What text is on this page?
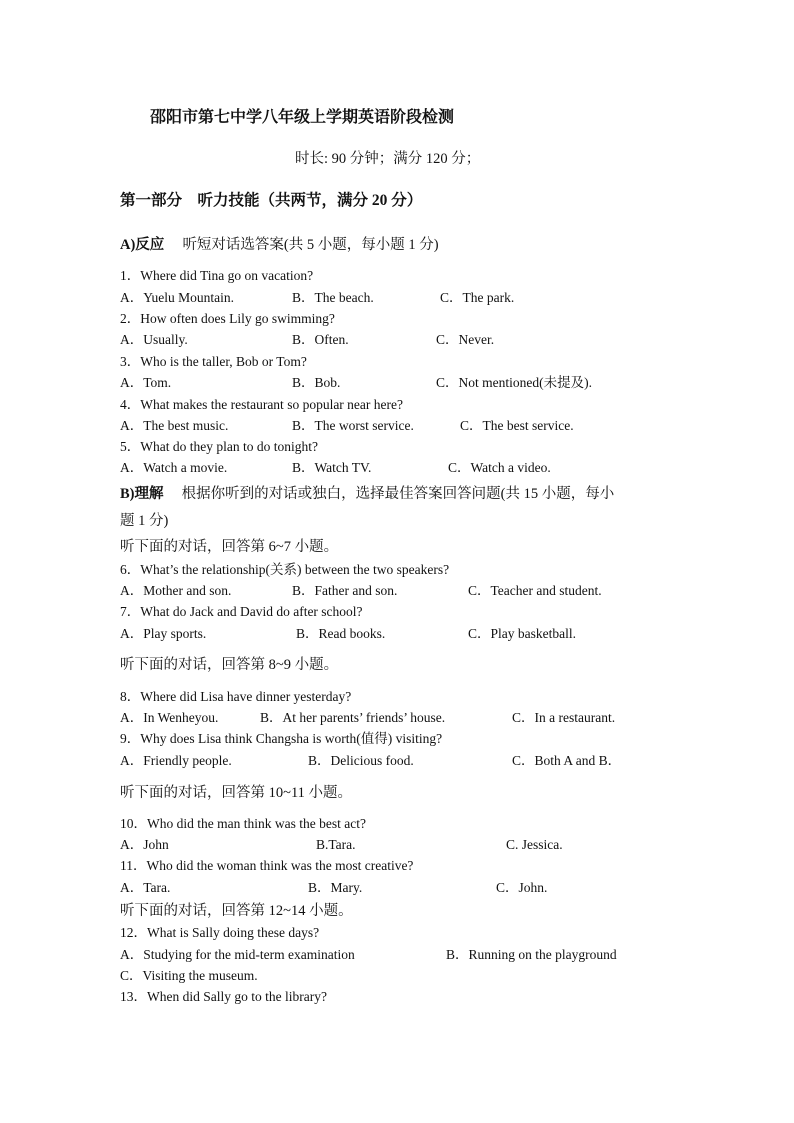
邵阳市第七中学八年级上学期英语阶段检测
时长: 90 分钟；满分 120 分；
第一部分　听力技能（共两节，满分 20 分）
A)反应　 听短对话选答案(共 5 小题，每小题 1 分)
1．Where did Tina go on vacation?
A．Yuelu Mountain.	B．The beach.	C．The park.
2．How often does Lily go swimming?
A．Usually.	B．Often.	C．Never.
3．Who is the taller, Bob or Tom?
A．Tom.	B．Bob.	C．Not mentioned(未提及).
4．What makes the restaurant so popular near here?
A．The best music.	B．The worst service.	C．The best service.
5．What do they plan to do tonight?
A．Watch a movie.	B．Watch TV.	C．Watch a video.
B)理解　 根据你听到的对话或独白，选择最佳答案回答问题(共 15 小题，每小
题 1 分)
听下面的对话，回答第 6~7 小题。
6．What’s the relationship(关系) between the two speakers?
A．Mother and son.	B．Father and son.	C．Teacher and student.
7．What do Jack and David do after school?
A．Play sports.	B．Read books.	C．Play basketball.
听下面的对话，回答第 8~9 小题。
8．Where did Lisa have dinner yesterday?
A．In Wenheyou.	B．At her parents’ friends’ house.	C．In a restaurant.
9．Why does Lisa think Changsha is worth(值得) visiting?
A．Friendly people.	B．Delicious food.	C．Both A and B．
听下面的对话，回答第 10~11 小题。
10．Who did the man think was the best act?
A．John	B.Tara.	C. Jessica.
11．Who did the woman think was the most creative?
A．Tara.	B．Mary.	C．John.
听下面的对话，回答第 12~14 小题。
12．What is Sally doing these days?
A．Studying for the mid-term examination	B．Running on the playground
C．Visiting the museum.
13．When did Sally go to the library?
